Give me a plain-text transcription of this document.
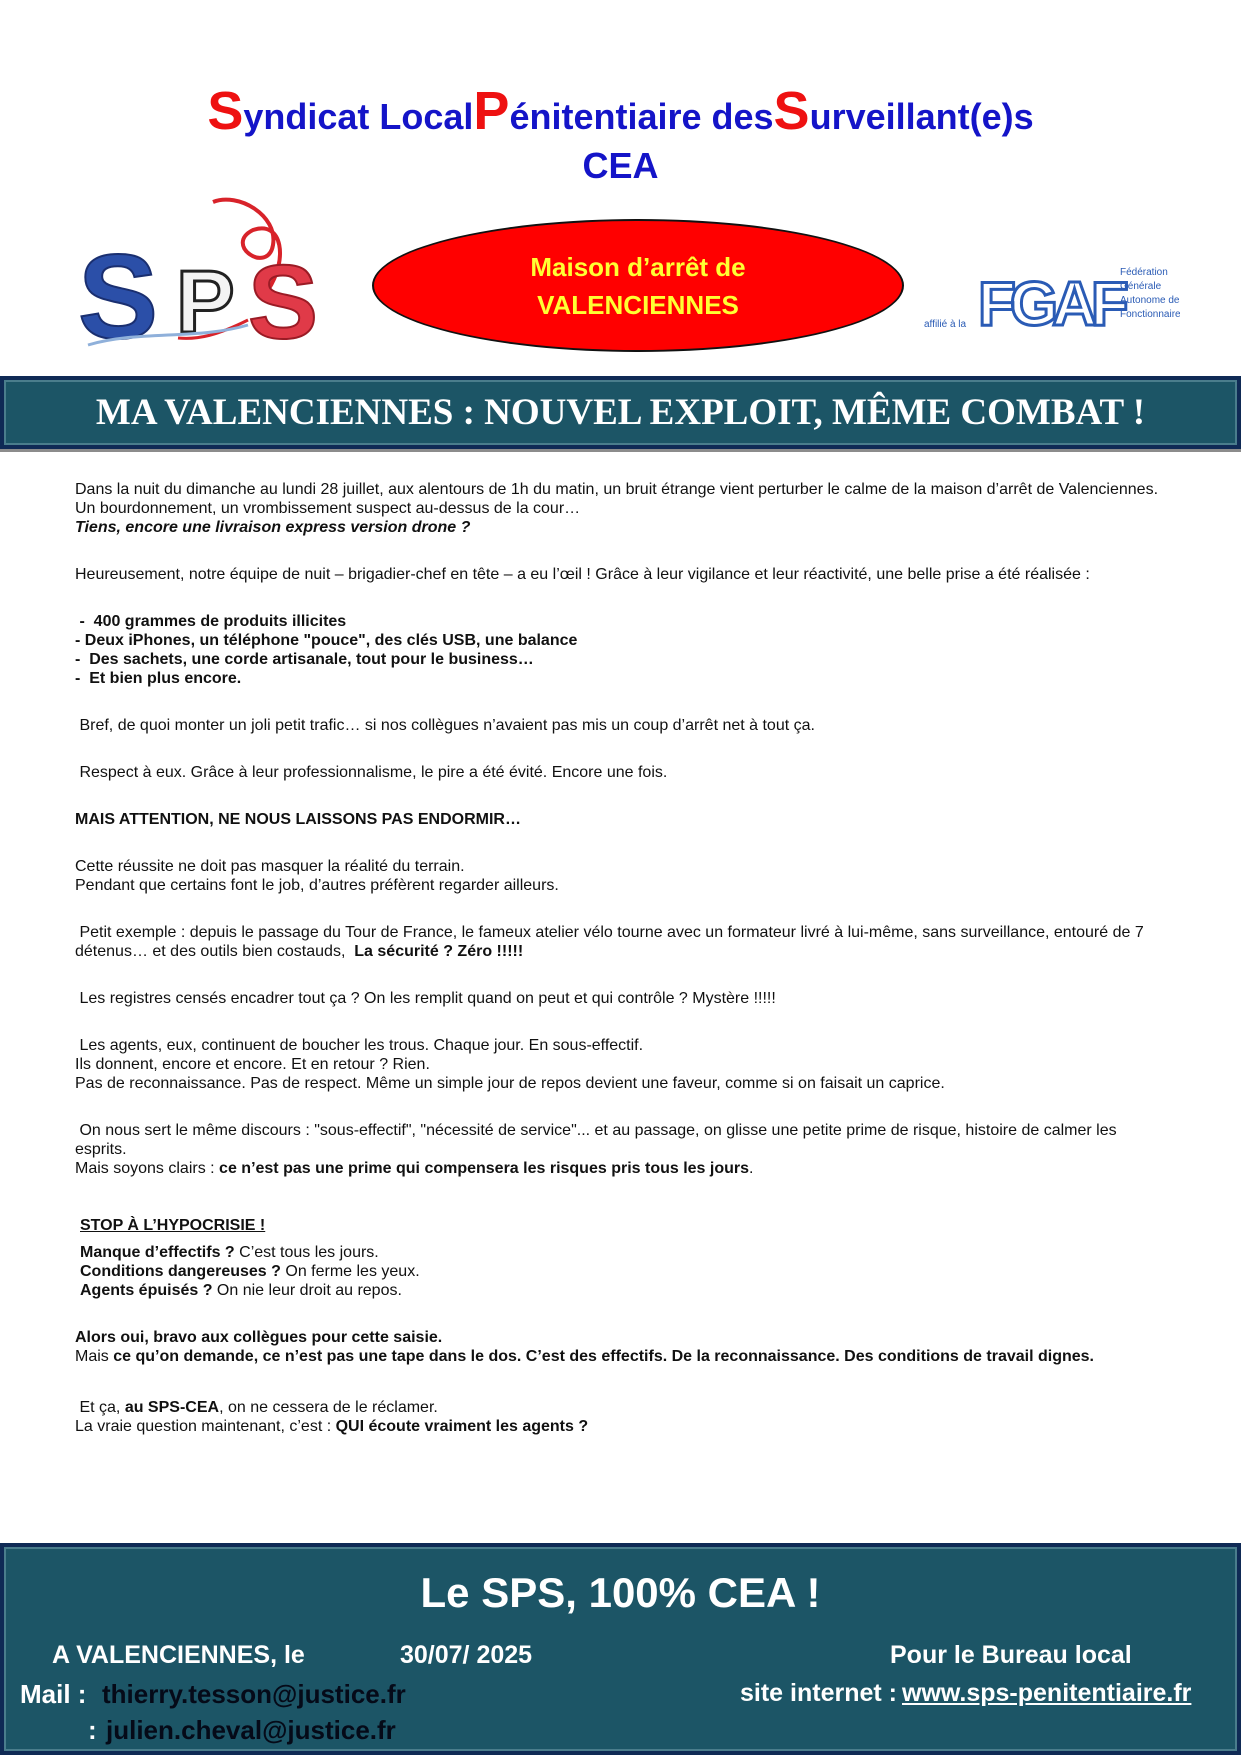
Syndicat LocalPénitentiaire desSurveillant(e)s
CEA
S P S	Maison d’arrêt de
VALENCIENNES
affilié à la FGAF
Fédération
Générale
Autonome des
Fonctionnaires
MA VALENCIENNES : NOUVEL EXPLOIT, MÊME COMBAT !

Dans la nuit du dimanche au lundi 28 juillet, aux alentours de 1h du matin, un bruit étrange vient perturber le calme de la maison d’arrêt de Valenciennes.

Un bourdonnement, un vrombissement suspect au-dessus de la cour…

Tiens, encore une livraison express version drone ?

Heureusement, notre équipe de nuit – brigadier-chef en tête – a eu l’œil ! Grâce à leur vigilance et leur réactivité, une belle prise a été réalisée :

-  400 grammes de produits illicites

- Deux iPhones, un téléphone "pouce", des clés USB, une balance

-  Des sachets, une corde artisanale, tout pour le business…

-  Et bien plus encore.

Bref, de quoi monter un joli petit trafic… si nos collègues n’avaient pas mis un coup d’arrêt net à tout ça.

Respect à eux. Grâce à leur professionnalisme, le pire a été évité. Encore une fois.

MAIS ATTENTION, NE NOUS LAISSONS PAS ENDORMIR…

Cette réussite ne doit pas masquer la réalité du terrain.

Pendant que certains font le job, d’autres préfèrent regarder ailleurs.

Petit exemple : depuis le passage du Tour de France, le fameux atelier vélo tourne avec un formateur livré à lui-même, sans surveillance, entouré de 7 détenus… et des outils bien costauds,  La sécurité ? Zéro !!!!!

Les registres censés encadrer tout ça ? On les remplit quand on peut et qui contrôle ? Mystère !!!!!

Les agents, eux, continuent de boucher les trous. Chaque jour. En sous-effectif.

Ils donnent, encore et encore. Et en retour ? Rien.

Pas de reconnaissance. Pas de respect. Même un simple jour de repos devient une faveur, comme si on faisait un caprice.

On nous sert le même discours : "sous-effectif", "nécessité de service"... et au passage, on glisse une petite prime de risque, histoire de calmer les esprits.

Mais soyons clairs : ce n’est pas une prime qui compensera les risques pris tous les jours.

STOP À L’HYPOCRISIE !

Manque d’effectifs ? C’est tous les jours.

Conditions dangereuses ? On ferme les yeux.

Agents épuisés ? On nie leur droit au repos.

Alors oui, bravo aux collègues pour cette saisie.

Mais ce qu’on demande, ce n’est pas une tape dans le dos. C’est des effectifs. De la reconnaissance. Des conditions de travail dignes.

Et ça, au SPS-CEA, on ne cessera de le réclamer.

La vraie question maintenant, c’est : QUI écoute vraiment les agents ?

Le SPS, 100% CEA !
A VALENCIENNES, le	30/07/ 2025	Pour le Bureau local
Mail : thierry.tesson@justice.fr
: julien.cheval@justice.fr
site internet : www.sps-penitentiaire.fr
